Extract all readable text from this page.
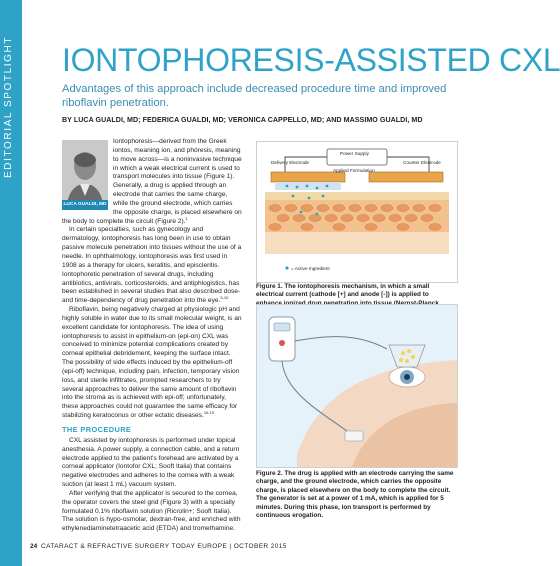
EDITORIAL SPOTLIGHT IONTOPHORESIS-ASSISTED CXL
Advantages of this approach include decreased procedure time and improved riboflavin penetration.
BY LUCA GUALDI, MD; FEDERICA GUALDI, MD; VERONICA CAPPELLO, MD; AND MASSIMO GUALDI, MD
LUCA GUALDI, MD

Iontophoresis—derived from the Greek iontos, meaning ion, and phóresis, meaning to move across—is a noninvasive technique in which a weak electrical current is used to transport molecules into tissue (Figure 1). Generally, a drug is applied through an electrode that carries the same charge, while the ground electrode, which carries the opposite charge, is placed elsewhere on the body to complete the circuit (Figure 2).$^1$

In certain specialties, such as gynecology and dermatology, iontophoresis has long been in use to obtain passive molecule penetration into tissues without the use of a needle. In ophthalmology, iontophoresis was first used in 1908 as a therapy for ulcers, keratitis, and episcleritis. Iontophoretic penetration of several drugs, including antibiotics, antivirals, corticosteroids, and antiphlogistics, has been established in several studies that also described dose- and time-dependency of drug penetration into the eye.$^{5-10}$

Riboflavin, being negatively charged at physiologic pH and highly soluble in water due to its small molecular weight, is an excellent candidate for iontophoresis. The idea of using iontophoresis to assist in epithelium-on (epi-on) CXL was conceived to minimize potential complications created by corneal epithelial debridement, keeping the surface intact. The possibility of side effects induced by the epithelium-off (epi-off) technique, including pain, infection, temporary vision loss, and sterile infiltrates, prompted researchers to try several approaches to deliver the same amount of riboflavin into the stroma as is achieved with epi-off; unfortunately, these approaches could not guarantee the same efficacy for stabilizing keratoconus or other ectatic diseases.$^{16-19}$

THE PROCEDURE

CXL assisted by iontophoresis is performed under topical anesthesia. A power supply, a connection cable, and a return electrode applied to the patient's forehead are activated by a corneal applicator (Iontofor CXL; Sooft Italia) that contains negative electrodes and adheres to the cornea with a weak suction (at least 1 mL) vacuum system.

After verifying that the applicator is secured to the cornea, the operator covers the steel grid (Figure 3) with a specially formulated 0.1% riboflavin solution (Ricrolin+; Sooft Italia). The solution is hypo-osmolar, dextran-free, and enriched with ethylenediaminetetraacetic acid (ETDA) and tromethamine.

Power Supply
Delivery Electrode	Counter Electrode
Applied Formulation
= Active Ingredient
Figure 1. The iontophoresis mechanism, in which a small electrical current (cathode [+] and anode [-]) is applied to
Figure 2. The drug is applied with an electrode carrying the same charge, and the ground electrode, which carries the opposite charge, is placed elsewhere on the body to complete the circuit. The generator is set at a power of 1 mA, which is applied for 5 minutes. During this phase, ion transport is performed by continuous erogation.
24 CATARACT & REFRACTIVE SURGERY TODAY EUROPE | OCTOBER 2015
